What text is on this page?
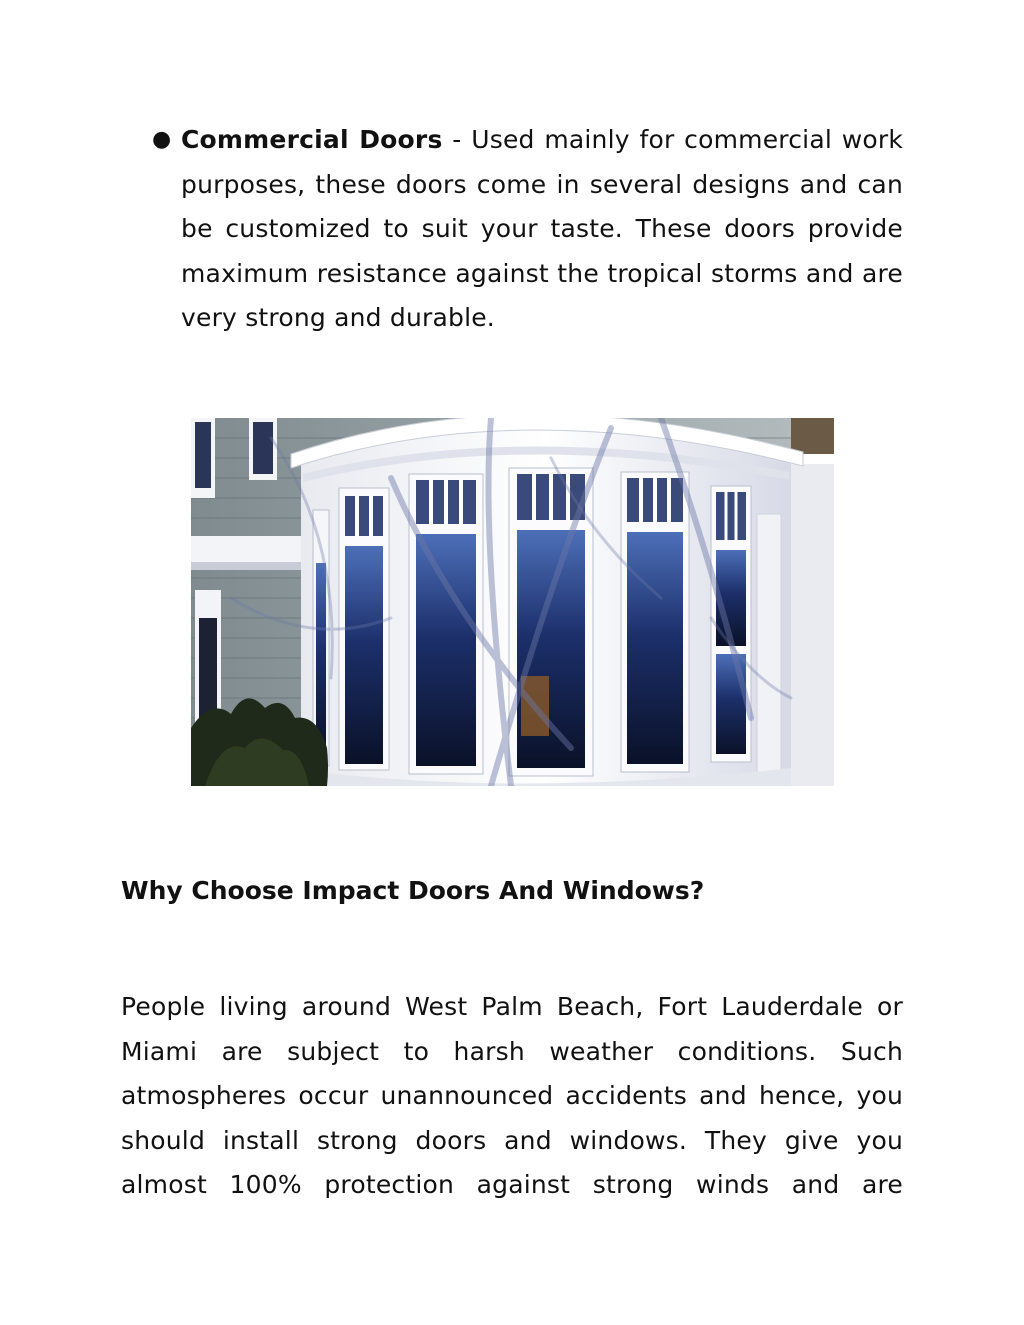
● Commercial Doors - Used mainly for commercial work purposes, these doors come in several designs and can be customized to suit your taste. These doors provide maximum resistance against the tropical storms and are very strong and durable.
Why Choose Impact Doors And Windows?

People living around West Palm Beach, Fort Lauderdale or Miami are subject to harsh weather conditions. Such atmospheres occur unannounced accidents and hence, you should install strong doors and windows. They give you almost 100% protection against strong winds and are
